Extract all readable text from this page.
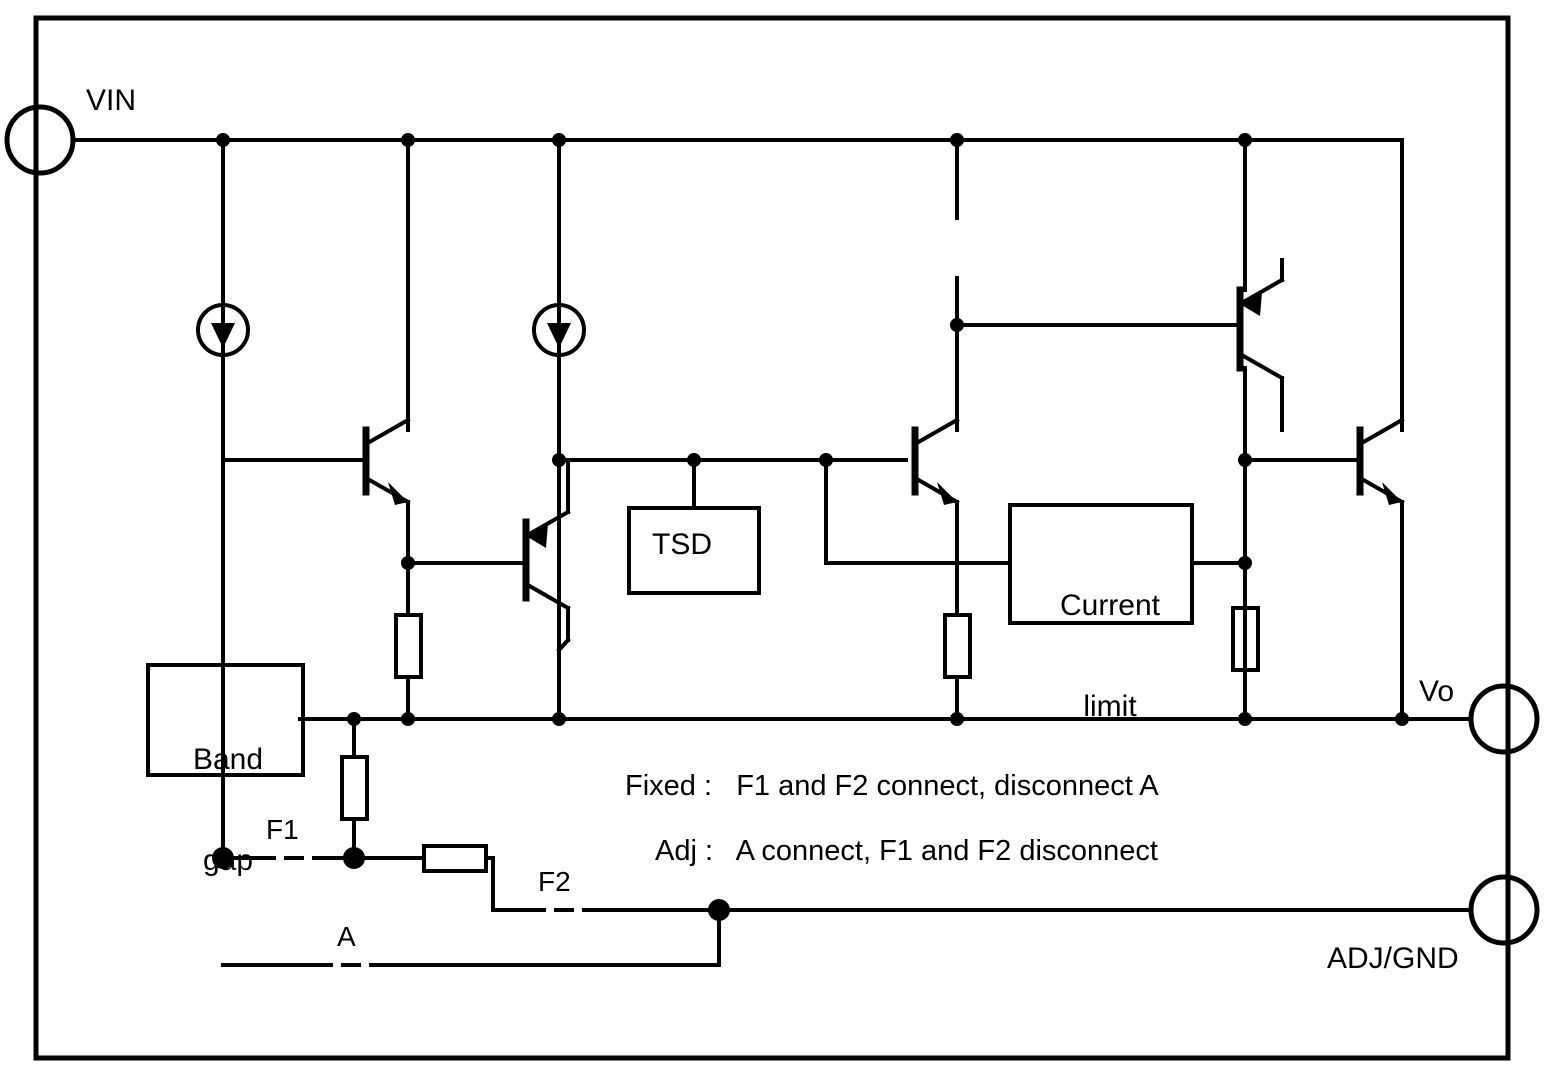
VIN
Vo
ADJ/GND
TSD

Current

limit

Band

gap

F1
F2
A
Fixed :   F1 and F2 connect, disconnect A
Adj :   A connect, F1 and F2 disconnect
